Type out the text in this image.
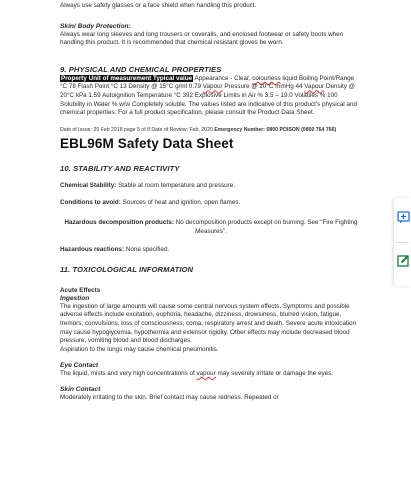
Always use safety glasses or a face shield when handling this product.

Skin/ Body Protection:

Always wear long sleeves and long trousers or coveralls, and enclosed footwear or safety boots when handling this product. It is recommended that chemical resistant gloves be worn.

9. PHYSICAL AND CHEMICAL PROPERTIES

Property Unit of measurement Typical value Appearance - Clear, colourless liquid Boiling Point/Range °C 78 Flash Point °C 13 Density @ 15°C g/ml 0.79 Vapour Pressure @ 20°C mmHg 44 Vapour Density @ 20°C kPa 1.59 Autoignition Temperature °C 392 Explosive Limits in Air % 3.5 – 19.0 Volatiles % 100 Solubility in Water % w/w Completely soluble. The values listed are indicative of this product's physical and chemical properties. For a full product specification, please consult the Product Data Sheet.

Date of Issue: 20 Feb 2018 page 5 of 8 Date of Review: Feb, 2020 Emergency Number: 0800 POISON (0800 764 766)

EBL96M Safety Data Sheet

10. STABILITY AND REACTIVITY

Chemical Stability: Stable at room temperature and pressure.

Conditions to avoid: Sources of heat and ignition, open flames.

Hazardous decomposition products: No decomposition products except on burning. See "Fire Fighting Measures".

Hazardous reactions: None specified.

11. TOXICOLOGICAL INFORMATION

Acute Effects

Ingestion

The ingestion of large amounts will cause some central nervous system effects. Symptoms and possible adverse effects include excitation, euphoria, headache, dizziness, drowsiness, blurred vision, fatigue, tremors, convulsions, loss of consciousness, coma, respiratory arrest and death. Severe acute intoxication may cause hypoglycemia, hypothermia and extensor rigidity. Other effects may include decreased blood pressure, vomiting blood and blood discharges.

Aspiration to the lungs may cause chemical pneumonitis.

Eye Contact

The liquid, mists and very high concentrations of vapour may severely irritate or damage the eyes.

Skin Contact

Moderately irritating to the skin. Brief contact may cause redness. Repeated or
